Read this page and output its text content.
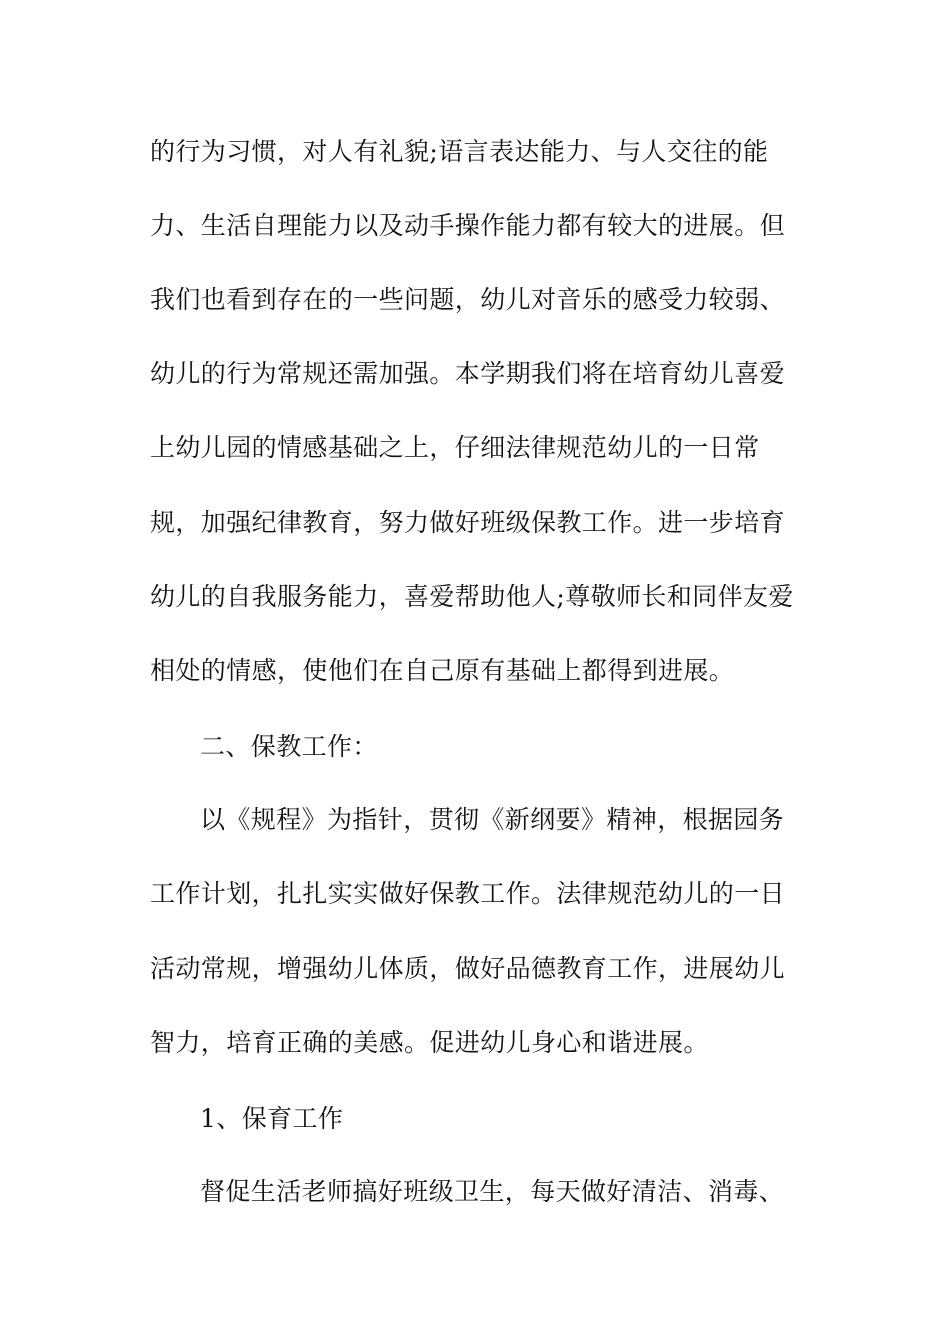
的行为习惯，对人有礼貌;语言表达能力、与人交往的能
力、生活自理能力以及动手操作能力都有较大的进展。但
我们也看到存在的一些问题，幼儿对音乐的感受力较弱、
幼儿的行为常规还需加强。本学期我们将在培育幼儿喜爱
上幼儿园的情感基础之上，仔细法律规范幼儿的一日常
规，加强纪律教育，努力做好班级保教工作。进一步培育
幼儿的自我服务能力，喜爱帮助他人;尊敬师长和同伴友爱
相处的情感，使他们在自己原有基础上都得到进展。
二、保教工作：
以《规程》为指针，贯彻《新纲要》精神，根据园务
工作计划，扎扎实实做好保教工作。法律规范幼儿的一日
活动常规，增强幼儿体质，做好品德教育工作，进展幼儿
智力，培育正确的美感。促进幼儿身心和谐进展。
1、保育工作
督促生活老师搞好班级卫生，每天做好清洁、消毒、
